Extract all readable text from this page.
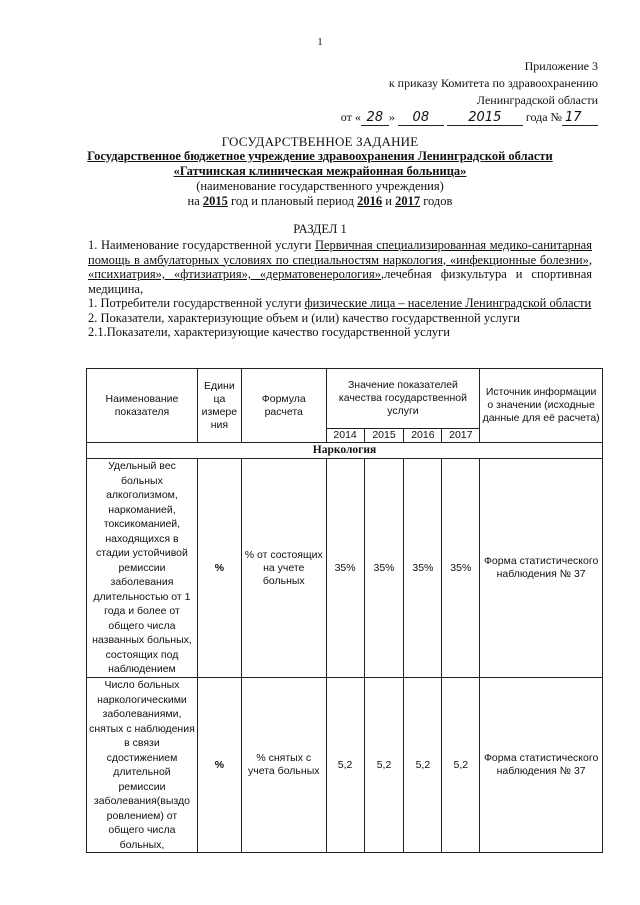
1
Приложение 3
к приказу Комитета по здравоохранению
Ленинградской области
от « 28 » 08	2015 года № 17
ГОСУДАРСТВЕННОЕ ЗАДАНИЕ
Государственное бюджетное учреждение здравоохранения Ленинградской области
«Гатчинская клиническая межрайонная больница»
(наименование государственного учреждения)
на 2015 год и плановый период 2016 и 2017 годов
РАЗДЕЛ 1

1. Наименование государственной услуги Первичная специализированная медико-санитарная помощь в амбулаторных условиях по специальностям наркология, «инфекционные болезни», «психиатрия», «фтизиатрия», «дерматовенерология»,лечебная физкультура и спортивная медицина,

1. Потребители государственной услуги физические лица – население Ленинградской области

2. Показатели, характеризующие объем и (или) качество государственной услуги

2.1.Показатели, характеризующие качество государственной услуги

Наименование показателя	Едини ца измере ния	Формула расчета	Значение показателей качества государственной услуги				Источник информации о значении (исходные данные для её расчета)
			2014	2015	2016	2017	
Наркология							
Удельный вес больных алкоголизмом, наркоманией, токсикоманией, находящихся в стадии устойчивой ремиссии заболевания длительностью от 1 года и более от общего числа названных больных, состоящих под наблюдением	%	% от состоящих на учете больных	35%	35%	35%	35%	Форма статистического наблюдения № 37
Число больных наркологическими заболеваниями, снятых с наблюдения в связи сдостижением длительной ремиссии заболевания(выздо ровлением) от общего числа больных,	%	% снятых с учета больных	5,2	5,2	5,2	5,2	Форма статистического наблюдения № 37
